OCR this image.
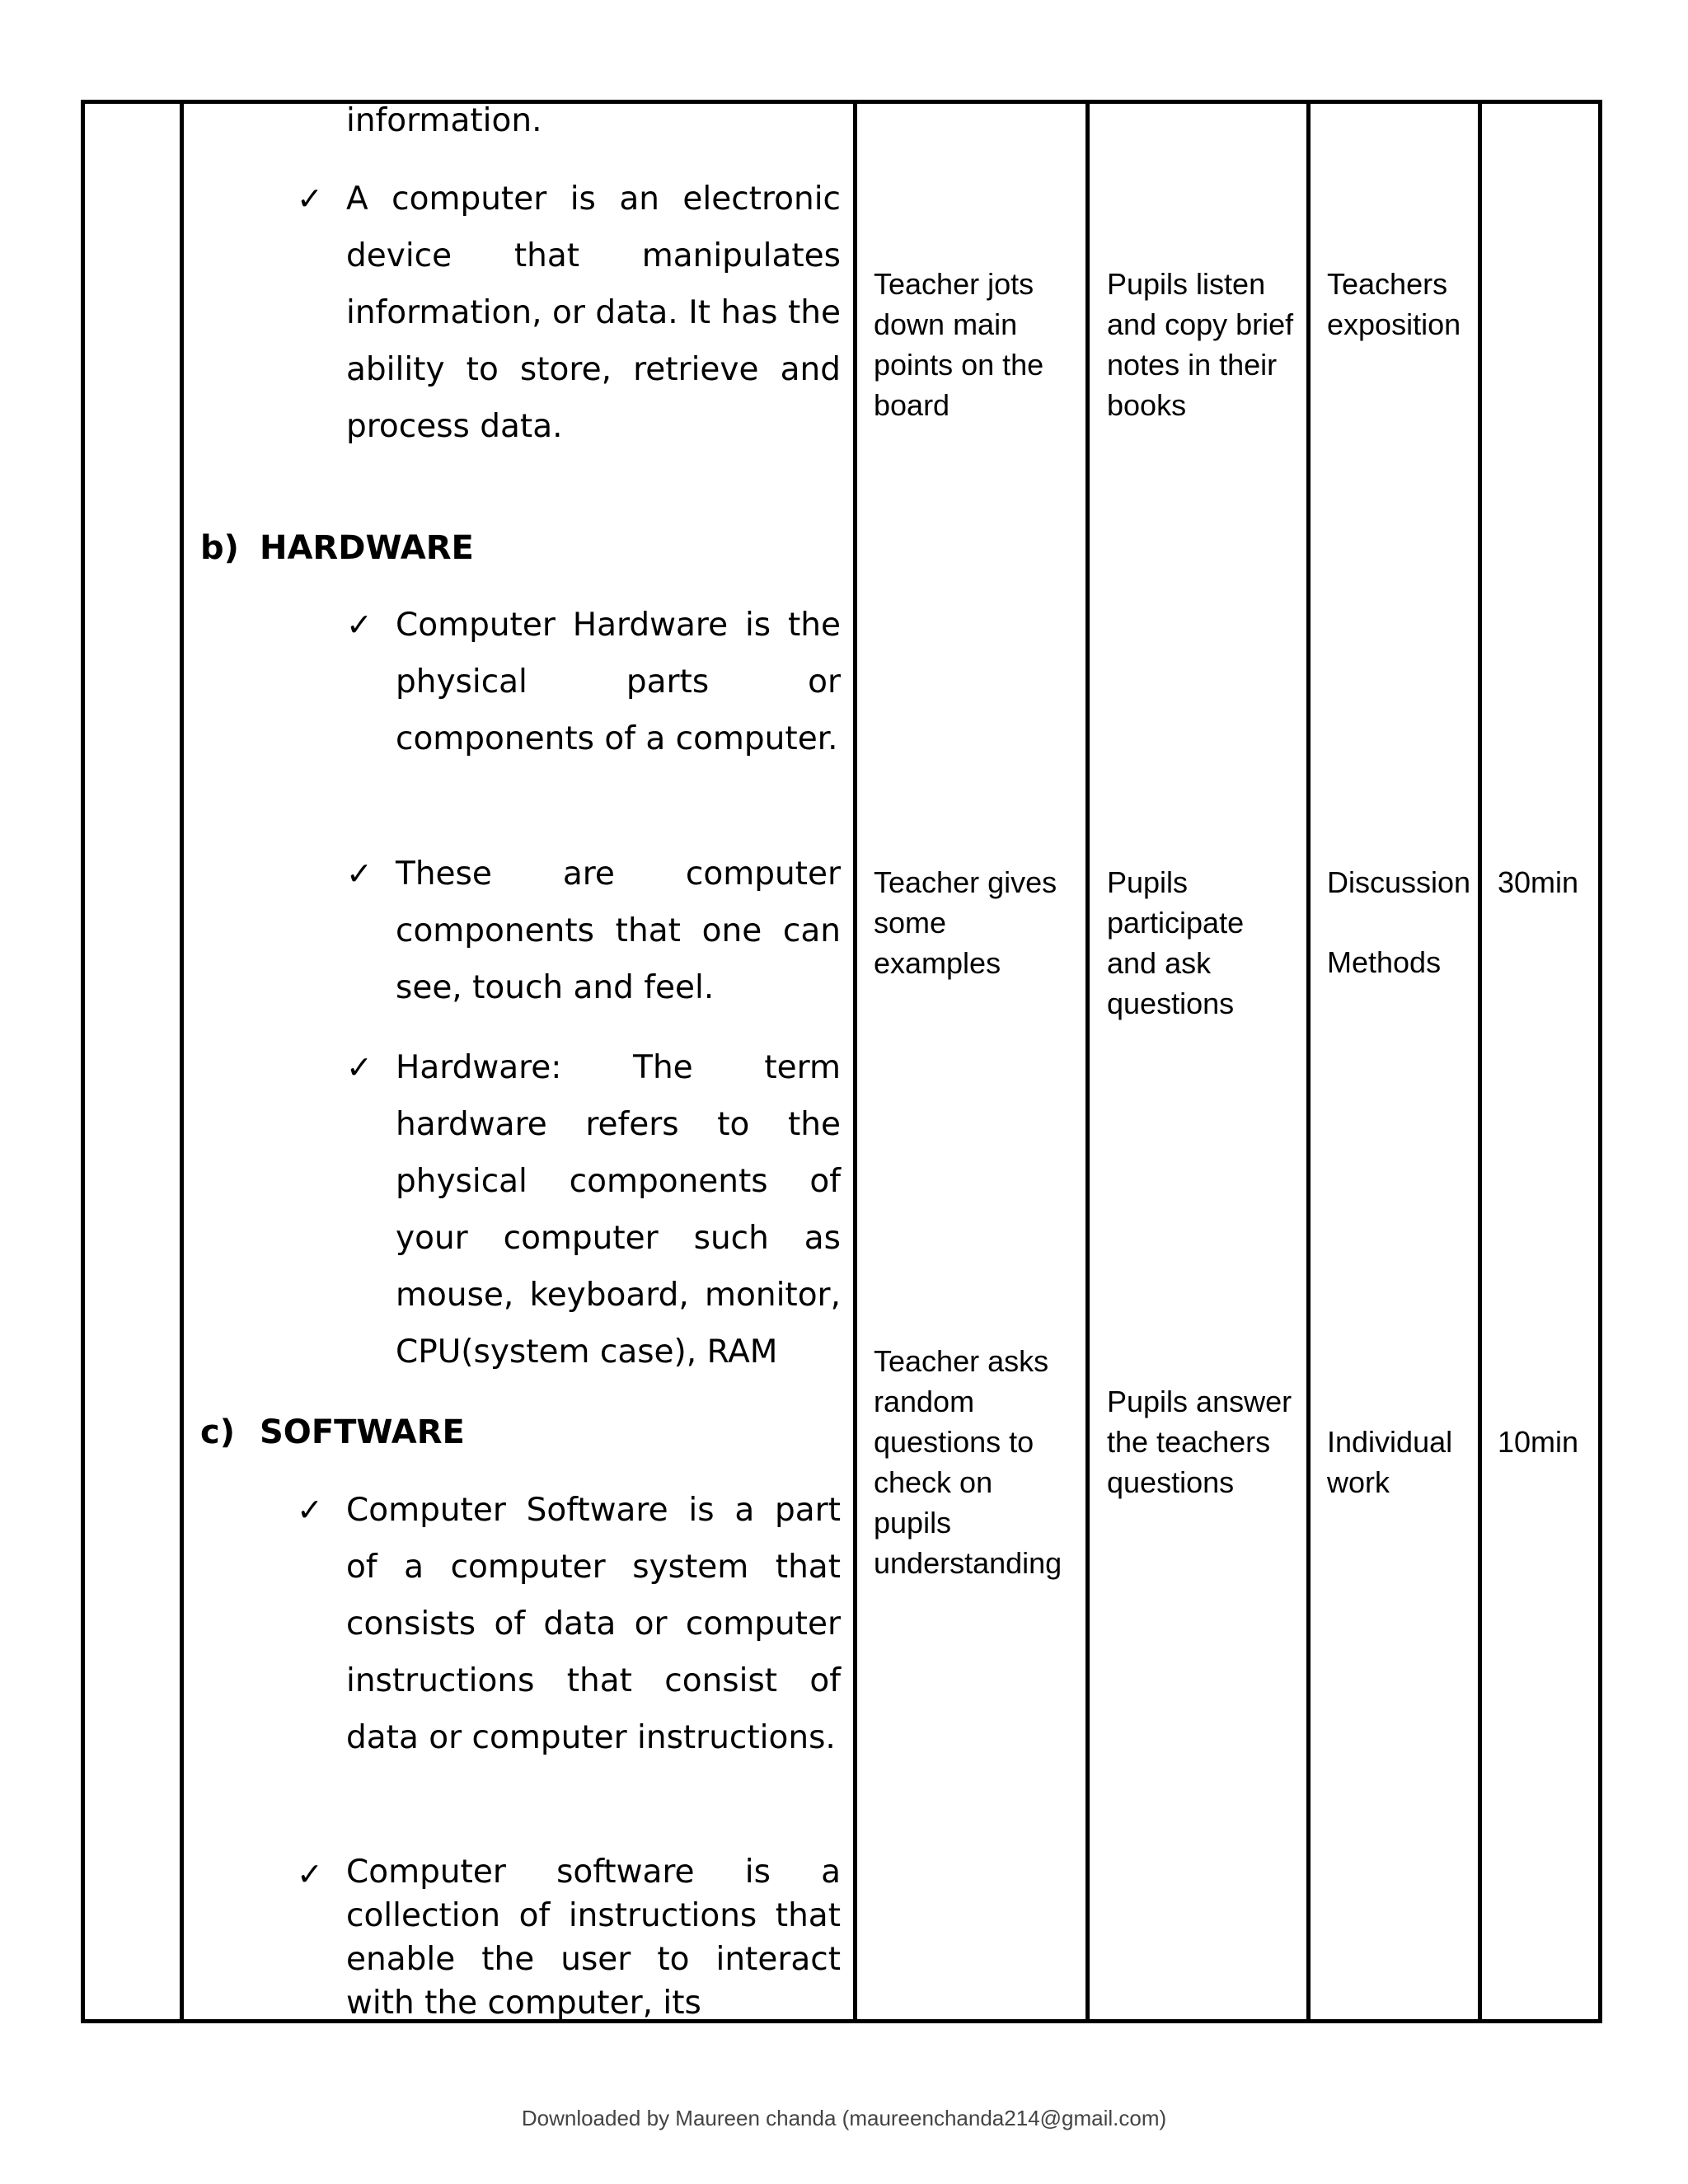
information.
✓ A computer is an electronic device that manipulates information, or data. It has the ability to store, retrieve and process data.
b) HARDWARE
✓ Computer Hardware is the physical parts or components of a computer.
✓ These are computer components that one can see, touch and feel.
✓ Hardware: The term hardware refers to the physical components of your computer such as mouse, keyboard, monitor, CPU(system case), RAM
c) SOFTWARE
✓ Computer Software is a part of a computer system that consists of data or computer instructions that consist of data or computer instructions.
✓ Computer software is a collection of instructions that enable the user to interact with the computer, its
Teacher jots down main points on the board
Teacher gives some examples
Teacher asks random questions to check on pupils understanding
Pupils listen and copy brief notes in their books
Pupils participate and ask questions
Pupils answer the teachers questions
Teachers exposition
Discussion
Methods
Individual work
30min
10min
Downloaded by Maureen chanda (maureenchanda214@gmail.com)
